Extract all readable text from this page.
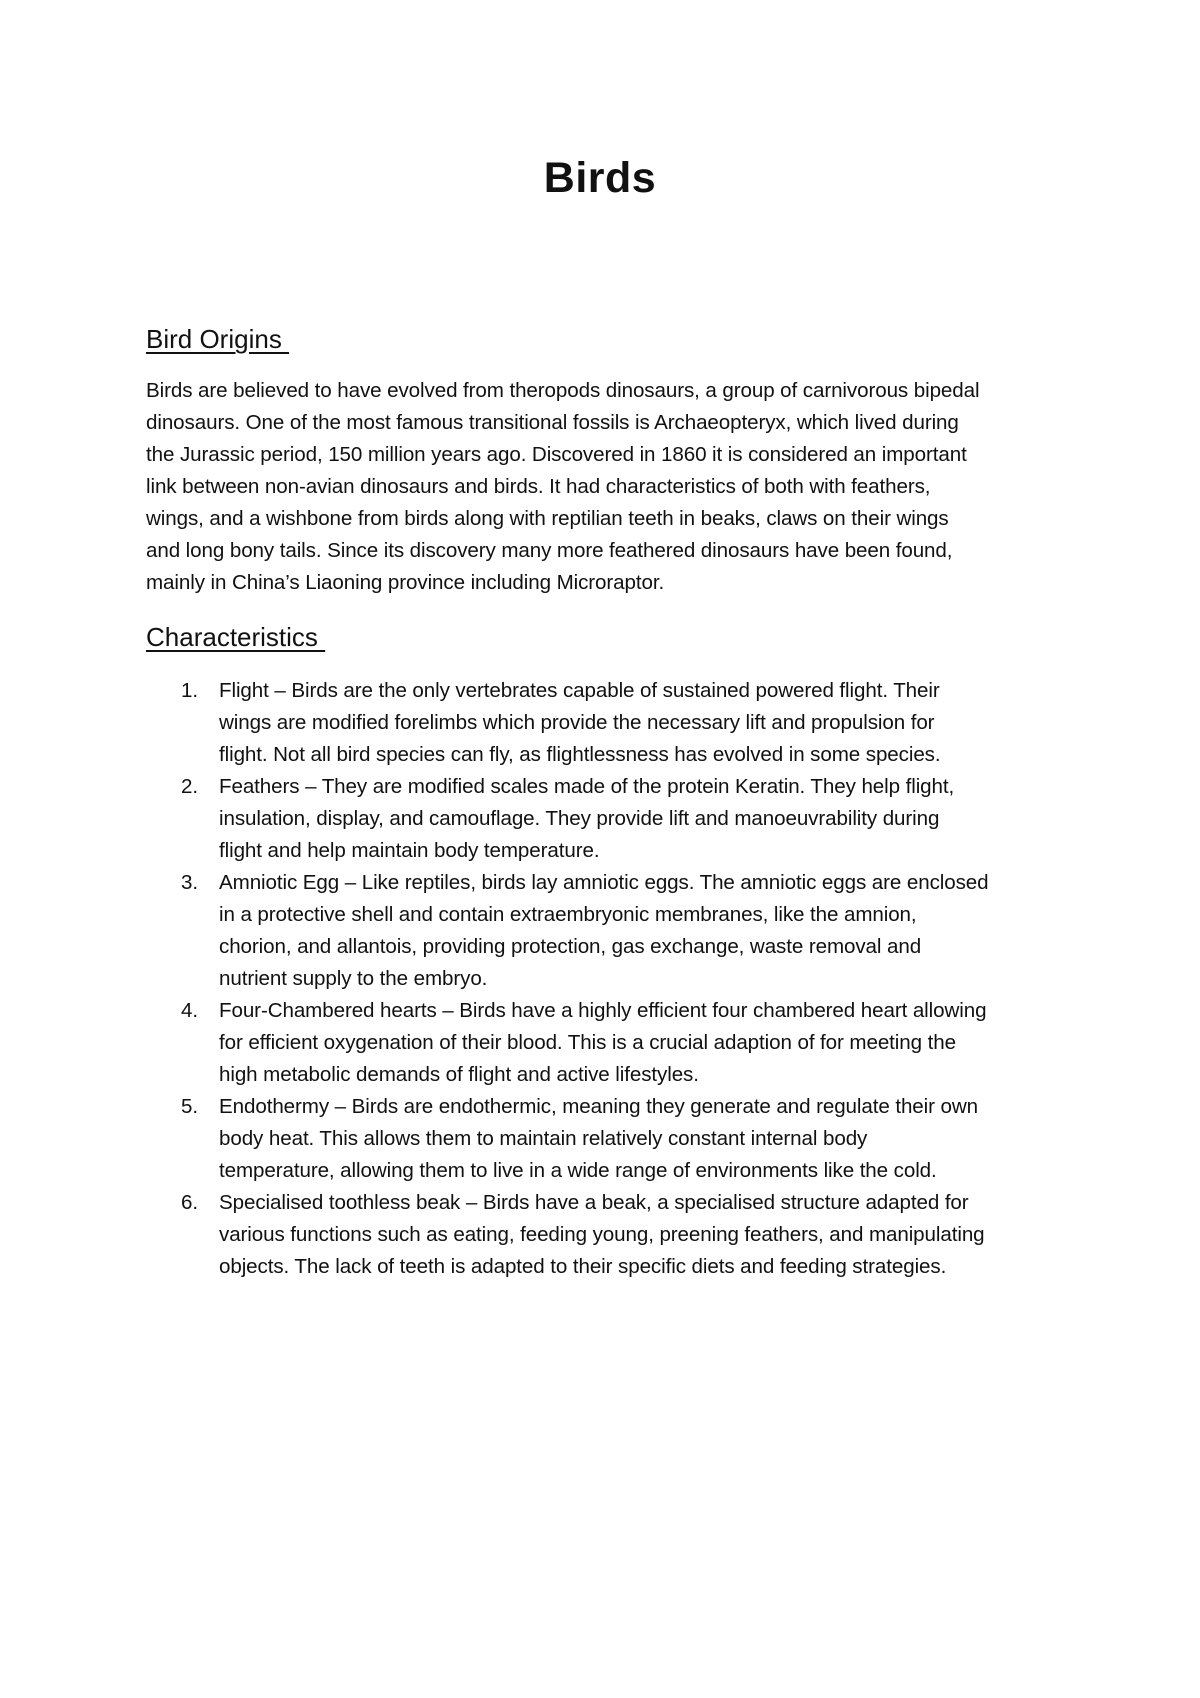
Birds
Bird Origins

Birds are believed to have evolved from theropods dinosaurs, a group of carnivorous bipedal
dinosaurs. One of the most famous transitional fossils is Archaeopteryx, which lived during
the Jurassic period, 150 million years ago. Discovered in 1860 it is considered an important
link between non-avian dinosaurs and birds. It had characteristics of both with feathers,
wings, and a wishbone from birds along with reptilian teeth in beaks, claws on their wings
and long bony tails. Since its discovery many more feathered dinosaurs have been found,
mainly in China’s Liaoning province including Microraptor.

Characteristics
1. Flight – Birds are the only vertebrates capable of sustained powered flight. Their
wings are modified forelimbs which provide the necessary lift and propulsion for
flight. Not all bird species can fly, as flightlessness has evolved in some species.
2. Feathers – They are modified scales made of the protein Keratin. They help flight,
insulation, display, and camouflage. They provide lift and manoeuvrability during
flight and help maintain body temperature.
3. Amniotic Egg – Like reptiles, birds lay amniotic eggs. The amniotic eggs are enclosed
in a protective shell and contain extraembryonic membranes, like the amnion,
chorion, and allantois, providing protection, gas exchange, waste removal and
nutrient supply to the embryo.
4. Four-Chambered hearts – Birds have a highly efficient four chambered heart allowing
for efficient oxygenation of their blood. This is a crucial adaption of for meeting the
high metabolic demands of flight and active lifestyles.
5. Endothermy – Birds are endothermic, meaning they generate and regulate their own
body heat. This allows them to maintain relatively constant internal body
temperature, allowing them to live in a wide range of environments like the cold.
6. Specialised toothless beak – Birds have a beak, a specialised structure adapted for
various functions such as eating, feeding young, preening feathers, and manipulating
objects. The lack of teeth is adapted to their specific diets and feeding strategies.
